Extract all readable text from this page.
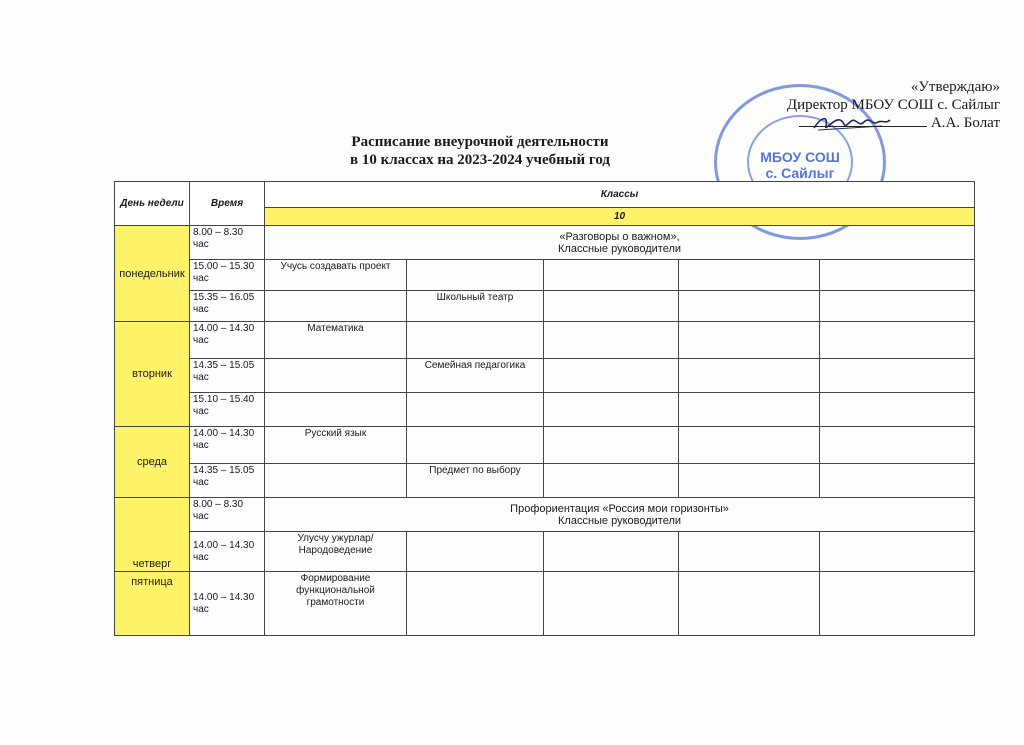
МБОУ СОШ
с. Сайлыг
«Утверждаю»
Директор МБОУ СОШ с. Сайлыг
А.А. Болат
Расписание внеурочной деятельности
в 10 классах на 2023-2024 учебный год
День недели	Время	Классы				
		10				
понедельник	8.00 – 8.30 час	«Разговоры о важном»,
Классные руководители				

	15.00 – 15.30 час	Учусь создавать проект				
	15.35 – 16.05 час		Школьный театр			
вторник	14.00 – 14.30 час	Математика				
	14.35 – 15.05 час		Семейная педагогика			
	15.10 – 15.40 час					
среда	14.00 – 14.30 час	Русский язык				
	14.35 – 15.05 час		Предмет по выбору			
четверг	8.00 – 8.30 час	Профориентация «Россия мои горизонты»
Классные руководители				

	14.00 – 14.30 час	Улусчу ужурлар/Народоведение				
пятница	14.00 – 14.30 час	Формирование функциональной грамотности				
